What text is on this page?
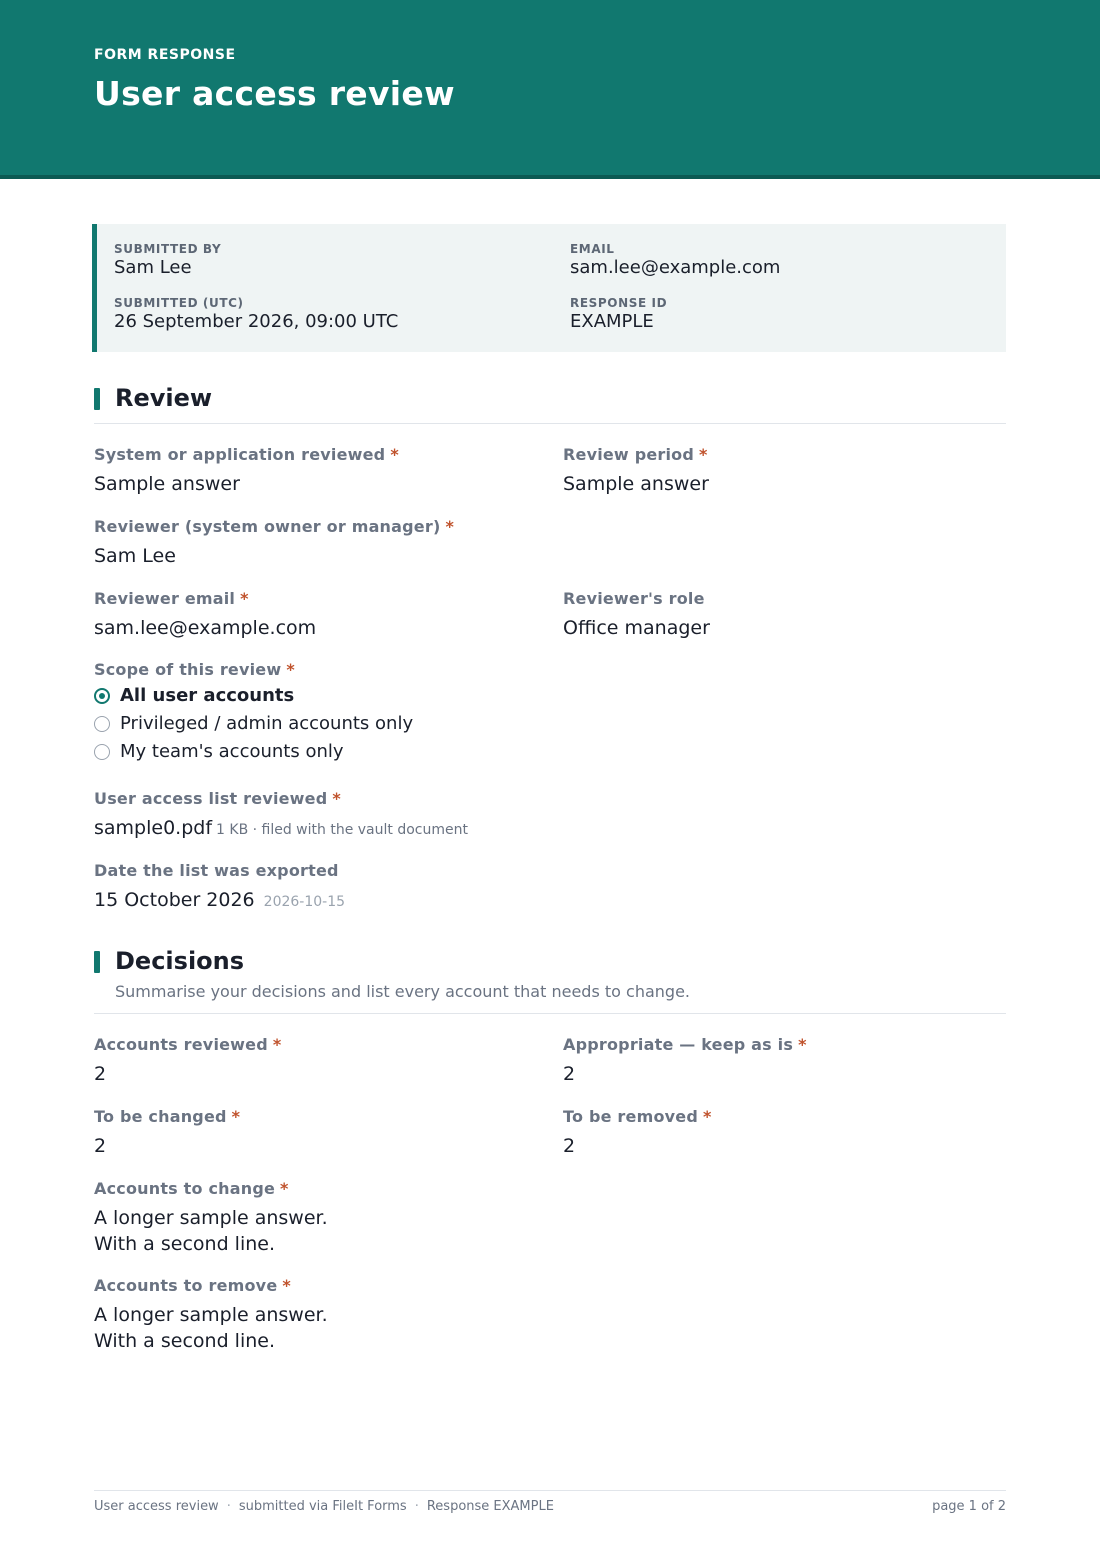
FORM RESPONSE
User access review
SUBMITTED BY
Sam Lee
EMAIL
sam.lee@example.com
SUBMITTED (UTC)
26 September 2026, 09:00 UTC
RESPONSE ID
EXAMPLE
Review
System or application reviewed *
Sample answer
Review period *
Sample answer
Reviewer (system owner or manager) *
Sam Lee
Reviewer email *
sam.lee@example.com
Reviewer's role
Office manager
Scope of this review *
All user accounts
Privileged / admin accounts only
My team's accounts only
User access list reviewed *
sample0.pdf 1 KB · filed with the vault document
Date the list was exported
15 October 2026 2026-10-15
Decisions
Summarise your decisions and list every account that needs to change.
Accounts reviewed *
2
Appropriate — keep as is *
2
To be changed *
2
To be removed *
2
Accounts to change *
A longer sample answer.
With a second line.
Accounts to remove *
A longer sample answer.
With a second line.
User access review · submitted via FileIt Forms · Response EXAMPLE	page 1 of 2
